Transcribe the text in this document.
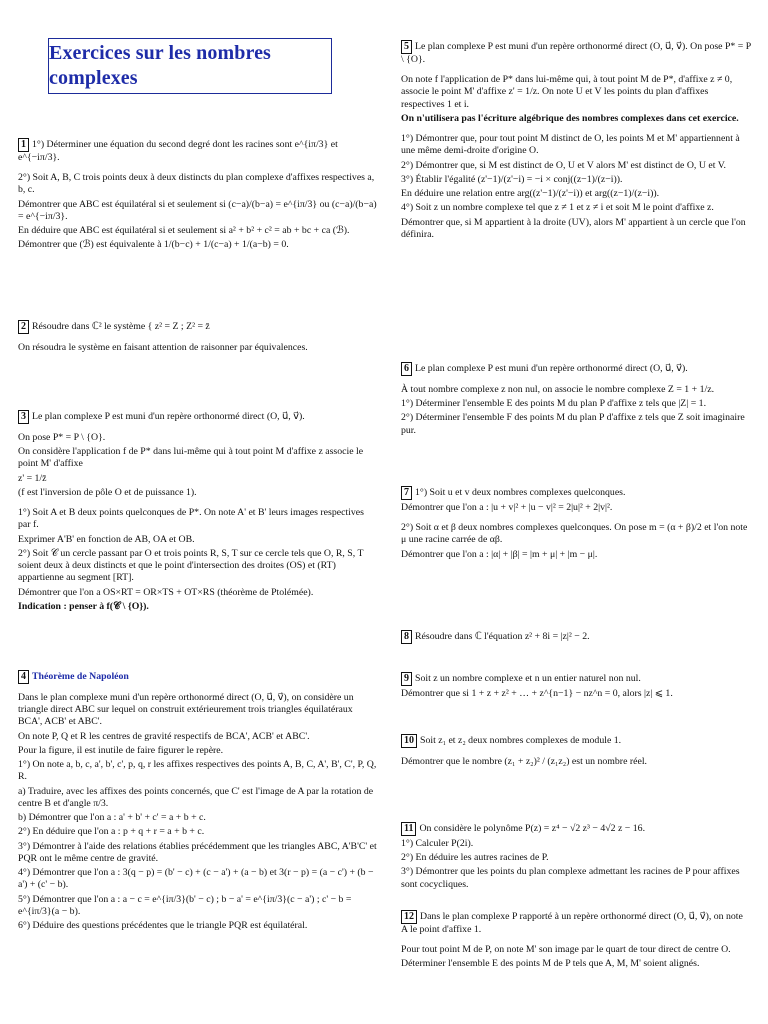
Exercices sur les nombres complexes

1 1°) Déterminer une équation du second degré dont les racines sont e^{iπ/3} et e^{−iπ/3}.

2°) Soit A, B, C trois points deux à deux distincts du plan complexe d'affixes respectives a, b, c.

Démontrer que ABC est équilatéral si et seulement si (c−a)/(b−a) = e^{iπ/3} ou (c−a)/(b−a) = e^{−iπ/3}.

En déduire que ABC est équilatéral si et seulement si a² + b² + c² = ab + bc + ca (ℬ).

Démontrer que (ℬ) est équivalente à 1/(b−c) + 1/(c−a) + 1/(a−b) = 0.

2 Résoudre dans ℂ² le système { z² = Z ; Z² = z̄

On résoudra le système en faisant attention de raisonner par équivalences.

3 Le plan complexe P est muni d'un repère orthonormé direct (O, u⃗, v⃗).

On pose P* = P \ {O}.

On considère l'application f de P* dans lui-même qui à tout point M d'affixe z associe le point M' d'affixe

z' = 1/z̄

(f est l'inversion de pôle O et de puissance 1).

1°) Soit A et B deux points quelconques de P*. On note A' et B' leurs images respectives par f.

Exprimer A'B' en fonction de AB, OA et OB.

2°) Soit 𝒞 un cercle passant par O et trois points R, S, T sur ce cercle tels que O, R, S, T soient deux à deux distincts et que le point d'intersection des droites (OS) et (RT) appartienne au segment [RT].

Démontrer que l'on a OS×RT = OR×TS + OT×RS (théorème de Ptolémée).

Indication : penser à f(𝒞 \ {O}).

4 Théorème de Napoléon

Dans le plan complexe muni d'un repère orthonormé direct (O, u⃗, v⃗), on considère un triangle direct ABC sur lequel on construit extérieurement trois triangles équilatéraux BCA', ACB' et ABC'.

On note P, Q et R les centres de gravité respectifs de BCA', ACB' et ABC'.

Pour la figure, il est inutile de faire figurer le repère.

1°) On note a, b, c, a', b', c', p, q, r les affixes respectives des points A, B, C, A', B', C', P, Q, R.

a) Traduire, avec les affixes des points concernés, que C' est l'image de A par la rotation de centre B et d'angle π/3.

b) Démontrer que l'on a : a' + b' + c' = a + b + c.

2°) En déduire que l'on a : p + q + r = a + b + c.

3°) Démontrer à l'aide des relations établies précédemment que les triangles ABC, A'B'C' et PQR ont le même centre de gravité.

4°) Démontrer que l'on a : 3(q − p) = (b' − c) + (c − a') + (a − b) et 3(r − p) = (a − c') + (b − a') + (c' − b).

5°) Démontrer que l'on a : a − c = e^{iπ/3}(b' − c) ; b − a' = e^{iπ/3}(c − a') ; c' − b = e^{iπ/3}(a − b).

6°) Déduire des questions précédentes que le triangle PQR est équilatéral.

5 Le plan complexe P est muni d'un repère orthonormé direct (O, u⃗, v⃗). On pose P* = P \ {O}.

On note f l'application de P* dans lui-même qui, à tout point M de P*, d'affixe z ≠ 0, associe le point M' d'affixe z' = 1/z. On note U et V les points du plan d'affixes respectives 1 et i.

On n'utilisera pas l'écriture algébrique des nombres complexes dans cet exercice.

1°) Démontrer que, pour tout point M distinct de O, les points M et M' appartiennent à une même demi-droite d'origine O.

2°) Démontrer que, si M est distinct de O, U et V alors M' est distinct de O, U et V.

3°) Établir l'égalité (z'−1)/(z'−i) = −i × conj((z−1)/(z−i)).

En déduire une relation entre arg((z'−1)/(z'−i)) et arg((z−1)/(z−i)).

4°) Soit z un nombre complexe tel que z ≠ 1 et z ≠ i et soit M le point d'affixe z.

Démontrer que, si M appartient à la droite (UV), alors M' appartient à un cercle que l'on définira.

6 Le plan complexe P est muni d'un repère orthonormé direct (O, u⃗, v⃗).

À tout nombre complexe z non nul, on associe le nombre complexe Z = 1 + 1/z.

1°) Déterminer l'ensemble E des points M du plan P d'affixe z tels que |Z| = 1.

2°) Déterminer l'ensemble F des points M du plan P d'affixe z tels que Z soit imaginaire pur.

7 1°) Soit u et v deux nombres complexes quelconques.

Démontrer que l'on a : |u + v|² + |u − v|² = 2|u|² + 2|v|².

2°) Soit α et β deux nombres complexes quelconques. On pose m = (α + β)/2 et l'on note μ une racine carrée de αβ.

Démontrer que l'on a : |α| + |β| = |m + μ| + |m − μ|.

8 Résoudre dans ℂ l'équation z² + 8i = |z|² − 2.

9 Soit z un nombre complexe et n un entier naturel non nul.

Démontrer que si 1 + z + z² + … + z^{n−1} − nz^n = 0, alors |z| ⩽ 1.

10 Soit z₁ et z₂ deux nombres complexes de module 1.

Démontrer que le nombre (z₁ + z₂)² / (z₁z₂) est un nombre réel.

11 On considère le polynôme P(z) = z⁴ − √2 z³ − 4√2 z − 16.

1°) Calculer P(2i).

2°) En déduire les autres racines de P.

3°) Démontrer que les points du plan complexe admettant les racines de P pour affixes sont cocycliques.

12 Dans le plan complexe P rapporté à un repère orthonormé direct (O, u⃗, v⃗), on note A le point d'affixe 1.

Pour tout point M de P, on note M' son image par le quart de tour direct de centre O.

Déterminer l'ensemble E des points M de P tels que A, M, M' soient alignés.
